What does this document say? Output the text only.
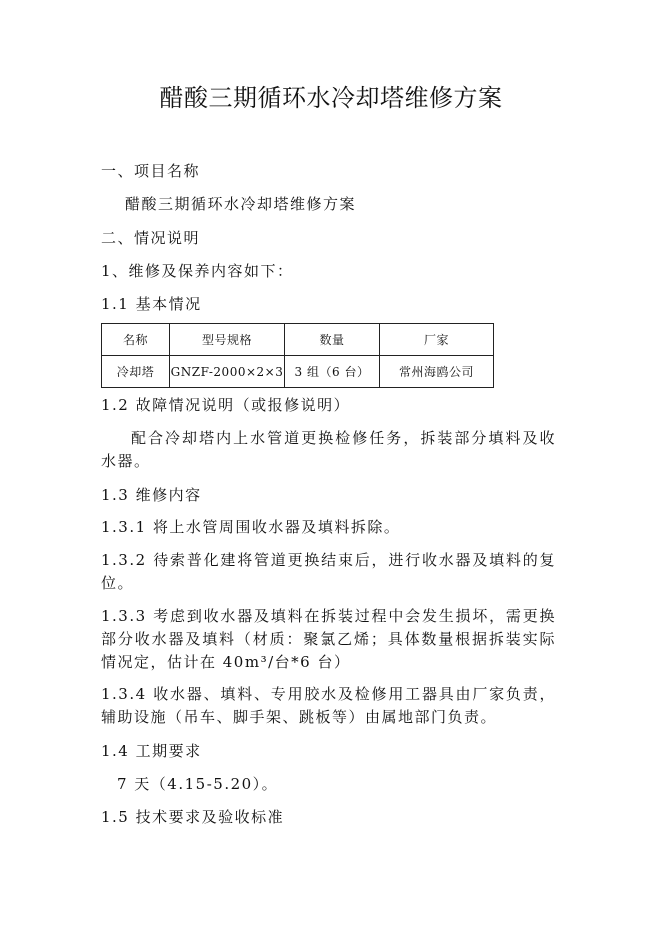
醋酸三期循环水冷却塔维修方案
一、项目名称
醋酸三期循环水冷却塔维修方案
二、情况说明
1、维修及保养内容如下：
1.1 基本情况
名称	型号规格	数量	厂家
冷却塔	GNZF-2000×2×3	3 组（6 台）	常州海鸥公司
1.2 故障情况说明（或报修说明）
配合冷却塔内上水管道更换检修任务，拆装部分填料及收水器。
1.3 维修内容
1.3.1 将上水管周围收水器及填料拆除。
1.3.2 待索普化建将管道更换结束后，进行收水器及填料的复位。
1.3.3 考虑到收水器及填料在拆装过程中会发生损坏，需更换部分收水器及填料（材质：聚氯乙烯；具体数量根据拆装实际情况定，估计在 40m³/台*6 台）
1.3.4 收水器、填料、专用胶水及检修用工器具由厂家负责，辅助设施（吊车、脚手架、跳板等）由属地部门负责。
1.4 工期要求
7 天（4.15-5.20）。
1.5 技术要求及验收标准
